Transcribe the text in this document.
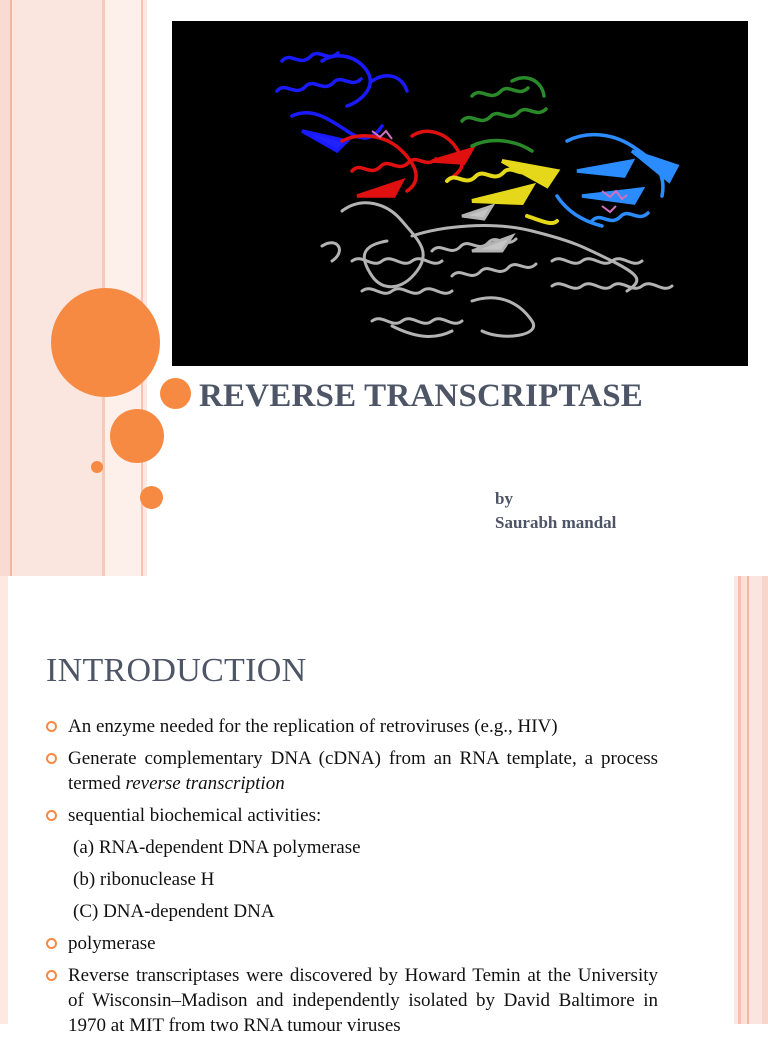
REVERSE TRANSCRIPTASE
by
Saurabh mandal
INTRODUCTION
An enzyme needed for the replication of retroviruses (e.g., HIV)
Generate complementary DNA (cDNA) from an RNA template, a process termed reverse transcription
sequential biochemical activities:
(a) RNA-dependent DNA polymerase
(b) ribonuclease H
(C) DNA-dependent DNA
polymerase
Reverse transcriptases were discovered by Howard Temin at the University of Wisconsin–Madison and independently isolated by David Baltimore in 1970 at MIT from two RNA tumour viruses
